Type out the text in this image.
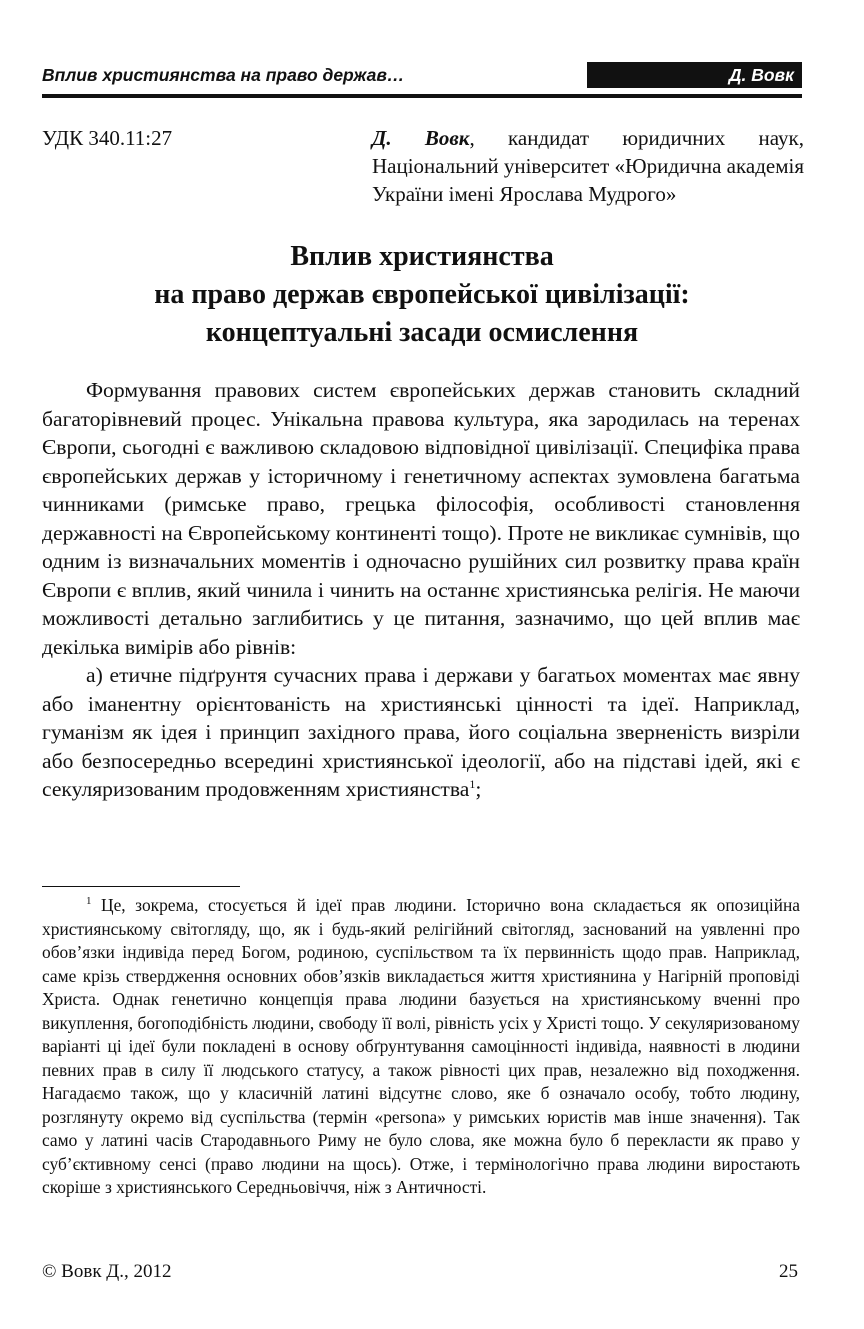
Вплив християнства на право держав…	Д. Вовк
УДК 340.11:27	Д. Вовк, кандидат юридичних наук, Національний університет «Юридична академія України імені Ярослава Мудрого»
Вплив християнства
на право держав європейської цивілізації:
концептуальні засади осмислення

Формування правових систем європейських держав становить складний багаторівневий процес. Унікальна правова культура, яка зародилась на теренах Європи, сьогодні є важливою складовою відповідної цивілізації. Специфіка права європейських держав у історичному і генетичному аспектах зумовлена багатьма чинниками (римське право, грецька філософія, особливості становлення державності на Європейському континенті тощо). Проте не викликає сумнівів, що одним із визначальних моментів і одночасно рушійних сил розвитку права країн Європи є вплив, який чинила і чинить на останнє християнська релігія. Не маючи можливості детально заглибитись у це питання, зазначимо, що цей вплив має декілька вимірів або рівнів:

а) етичне підґрунтя сучасних права і держави у багатьох моментах має явну або іманентну орієнтованість на християнські цінності та ідеї. Наприклад, гуманізм як ідея і принцип західного права, його соціальна зверненість визріли або безпосередньо всередині християнської ідеології, або на підставі ідей, які є секуляризованим продовженням християнства$^1$;

$^1$ Це, зокрема, стосується й ідеї прав людини. Історично вона складається як опозиційна християнському світогляду, що, як і будь-який релігійний світогляд, заснований на уявленні про обов’язки індивіда перед Богом, родиною, суспільством та їх первинність щодо прав. Наприклад, саме крізь ствердження основних обов’язків викладається життя християнина у Нагірній проповіді Христа. Однак генетично концепція права людини базується на християнському вченні про викуплення, богоподібність людини, свободу її волі, рівність усіх у Христі тощо. У секуляризованому варіанті ці ідеї були покладені в основу обґрунтування самоцінності індивіда, наявності в людини певних прав в силу її людського статусу, а також рівності цих прав, незалежно від походження. Нагадаємо також, що у класичній латині відсутнє слово, яке б означало особу, тобто людину, розглянуту окремо від суспільства (термін «persona» у римських юристів мав інше значення). Так само у латині часів Стародавнього Риму не було слова, яке можна було б перекласти як право у суб’єктивному сенсі (право людини на щось). Отже, і термінологічно права людини виростають скоріше з християнського Середньовіччя, ніж з Античності.
© Вовк Д., 2012	25
